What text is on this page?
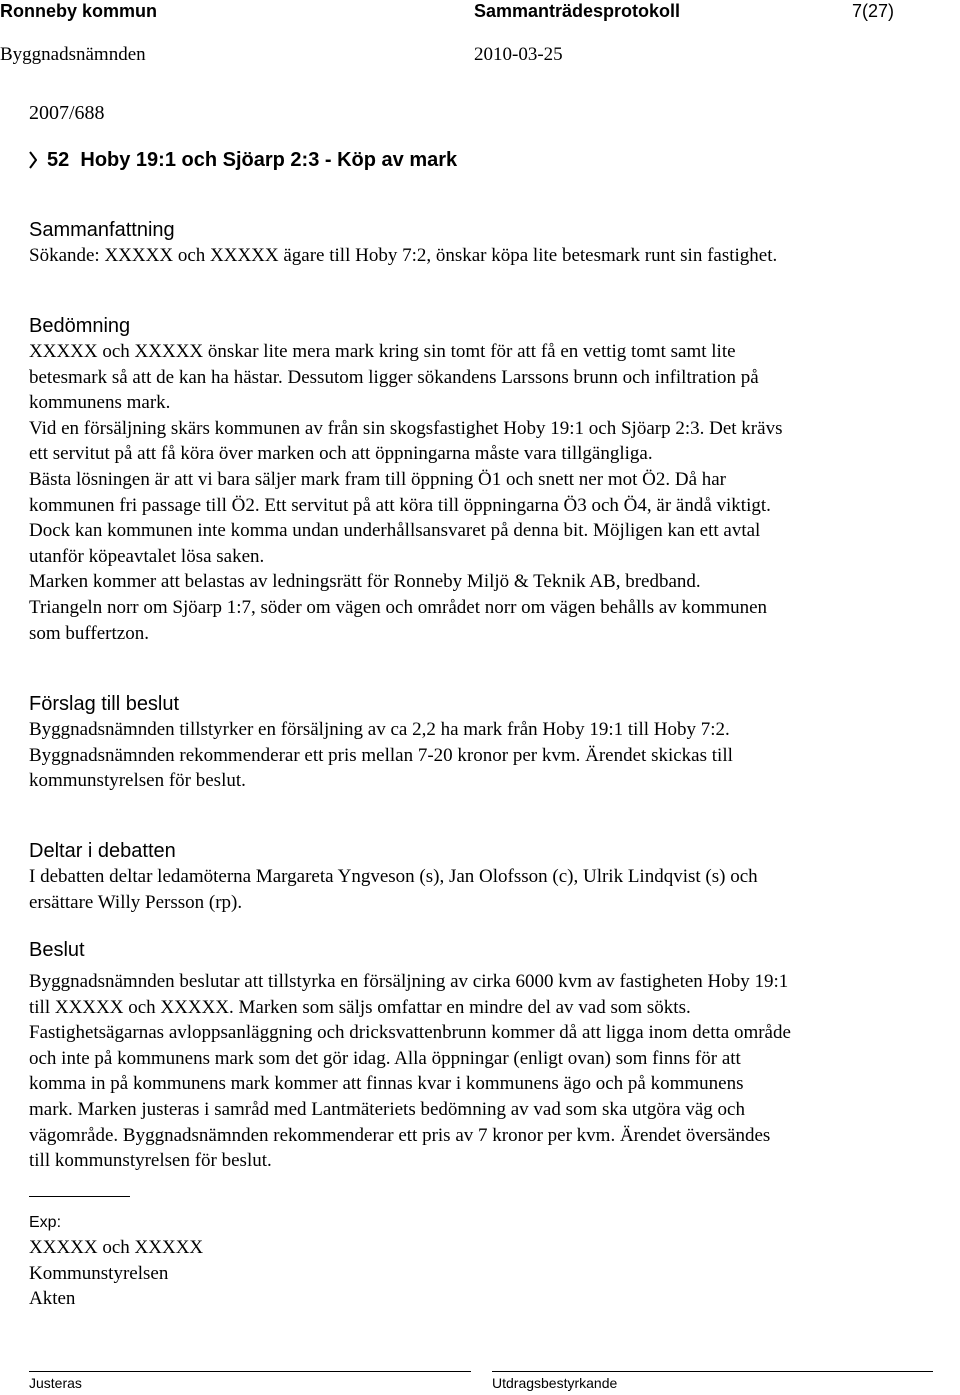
Ronneby kommun	Sammanträdesprotokoll	7(27)
Byggnadsnämnden	2010-03-25
2007/688
52 Hoby 19:1 och Sjöarp 2:3 - Köp av mark
Sammanfattning
Sökande: XXXXX och XXXXX ägare till Hoby 7:2, önskar köpa lite betesmark runt sin fastighet.
Bedömning
XXXXX och XXXXX önskar lite mera mark kring sin tomt för att få en vettig tomt samt lite
betesmark så att de kan ha hästar. Dessutom ligger sökandens Larssons brunn och infiltration på
kommunens mark.
Vid en försäljning skärs kommunen av från sin skogsfastighet Hoby 19:1 och Sjöarp 2:3. Det krävs
ett servitut på att få köra över marken och att öppningarna måste vara tillgängliga.
Bästa lösningen är att vi bara säljer mark fram till öppning Ö1 och snett ner mot Ö2. Då har
kommunen fri passage till Ö2. Ett servitut på att köra till öppningarna Ö3 och Ö4, är ändå viktigt.
Dock kan kommunen inte komma undan underhållsansvaret på denna bit. Möjligen kan ett avtal
utanför köpeavtalet lösa saken.
Marken kommer att belastas av ledningsrätt för Ronneby Miljö & Teknik AB, bredband.
Triangeln norr om Sjöarp 1:7, söder om vägen och området norr om vägen behålls av kommunen
som buffertzon.
Förslag till beslut
Byggnadsnämnden tillstyrker en försäljning av ca 2,2 ha mark från Hoby 19:1 till Hoby 7:2.
Byggnadsnämnden rekommenderar ett pris mellan 7-20 kronor per kvm. Ärendet skickas till
kommunstyrelsen för beslut.
Deltar i debatten
I debatten deltar ledamöterna Margareta Yngveson (s), Jan Olofsson (c), Ulrik Lindqvist (s) och
ersättare Willy Persson (rp).
Beslut
Byggnadsnämnden beslutar att tillstyrka en försäljning av cirka 6000 kvm av fastigheten Hoby 19:1
till XXXXX och XXXXX. Marken som säljs omfattar en mindre del av vad som sökts.
Fastighetsägarnas avloppsanläggning och dricksvattenbrunn kommer då att ligga inom detta område
och inte på kommunens mark som det gör idag. Alla öppningar (enligt ovan) som finns för att
komma in på kommunens mark kommer att finnas kvar i kommunens ägo och på kommunens
mark. Marken justeras i samråd med Lantmäteriets bedömning av vad som ska utgöra väg och
vägområde. Byggnadsnämnden rekommenderar ett pris av 7 kronor per kvm. Ärendet översändes
till kommunstyrelsen för beslut.
Exp:
XXXXX och XXXXX
Kommunstyrelsen
Akten
Justeras	Utdragsbestyrkande
